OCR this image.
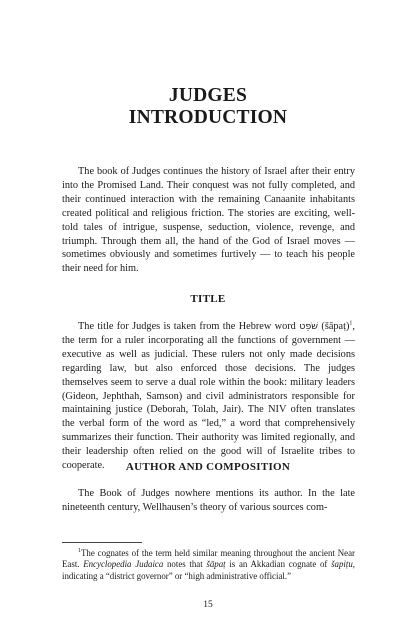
JUDGES
INTRODUCTION
The book of Judges continues the history of Israel after their entry into the Promised Land. Their conquest was not fully completed, and their continued interaction with the remaining Canaanite inhabitants created political and religious friction. The stories are exciting, well-told tales of intrigue, suspense, seduction, violence, revenge, and triumph. Through them all, the hand of the God of Israel moves — sometimes obviously and sometimes furtively — to teach his people their need for him.
TITLE
The title for Judges is taken from the Hebrew word שֹׁפֵט (šāpaṭ)$^1$, the term for a ruler incorporating all the functions of government — executive as well as judicial. These rulers not only made decisions regarding law, but also enforced those decisions. The judges themselves seem to serve a dual role within the book: military leaders (Gideon, Jephthah, Samson) and civil administrators responsible for maintaining justice (Deborah, Tolah, Jair). The NIV often translates the verbal form of the word as “led,” a word that comprehensively summarizes their function. Their authority was limited regionally, and their leadership often relied on the good will of Israelite tribes to cooperate.	AUTHOR AND COMPOSITION
The Book of Judges nowhere mentions its author. In the late nineteenth century, Wellhausen’s theory of various sources com-
$^1$The cognates of the term held similar meaning throughout the ancient Near East. Encyclopedia Judaica notes that šāpaṭ is an Akkadian cognate of šapiṭu, indicating a “district governor” or “high administrative official.”
15
